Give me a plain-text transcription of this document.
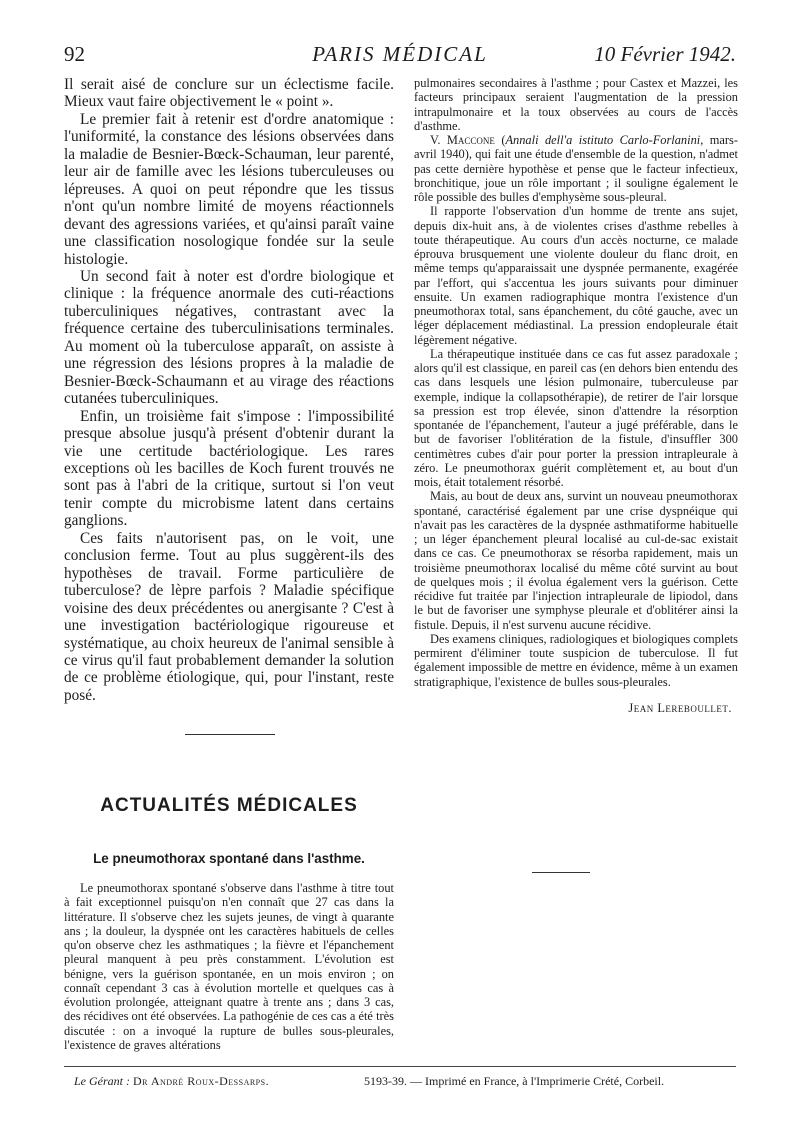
92	PARIS MÉDICAL	10 Février 1942.

Il serait aisé de conclure sur un éclectisme facile. Mieux vaut faire objectivement le « point ».

Le premier fait à retenir est d'ordre anatomique : l'uniformité, la constance des lésions observées dans la maladie de Besnier-Bœck-Schauman, leur parenté, leur air de famille avec les lésions tuberculeuses ou lépreuses. A quoi on peut répondre que les tissus n'ont qu'un nombre limité de moyens réactionnels devant des agressions variées, et qu'ainsi paraît vaine une classification nosologique fondée sur la seule histologie.

Un second fait à noter est d'ordre biologique et clinique : la fréquence anormale des cuti-réactions tuberculiniques négatives, contrastant avec la fréquence certaine des tuberculinisations terminales. Au moment où la tuberculose apparaît, on assiste à une régression des lésions propres à la maladie de Besnier-Bœck-Schaumann et au virage des réactions cutanées tuberculiniques.

Enfin, un troisième fait s'impose : l'impossibilité presque absolue jusqu'à présent d'obtenir durant la vie une certitude bactériologique. Les rares exceptions où les bacilles de Koch furent trouvés ne sont pas à l'abri de la critique, surtout si l'on veut tenir compte du microbisme latent dans certains ganglions.

Ces faits n'autorisent pas, on le voit, une conclusion ferme. Tout au plus suggèrent-ils des hypothèses de travail. Forme particulière de tuberculose? de lèpre parfois ? Maladie spécifique voisine des deux précédentes ou anergisante ? C'est à une investigation bactériologique rigoureuse et systématique, au choix heureux de l'animal sensible à ce virus qu'il faut probablement demander la solution de ce problème étiologique, qui, pour l'instant, reste posé.

ACTUALITÉS MÉDICALES
Le pneumothorax spontané dans l'asthme.

Le pneumothorax spontané s'observe dans l'asthme à titre tout à fait exceptionnel puisqu'on n'en connaît que 27 cas dans la littérature. Il s'observe chez les sujets jeunes, de vingt à quarante ans ; la douleur, la dyspnée ont les caractères habituels de celles qu'on observe chez les asthmatiques ; la fièvre et l'épanchement pleural manquent à peu près constamment. L'évolution est bénigne, vers la guérison spontanée, en un mois environ ; on connaît cependant 3 cas à évolution mortelle et quelques cas à évolution prolongée, atteignant quatre à trente ans ; dans 3 cas, des récidives ont été observées. La pathogénie de ces cas a été très discutée : on a invoqué la rupture de bulles sous-pleurales, l'existence de graves altérations

pulmonaires secondaires à l'asthme ; pour Castex et Mazzei, les facteurs principaux seraient l'augmentation de la pression intrapulmonaire et la toux observées au cours de l'accès d'asthme.

V. Maccone (Annali dell'a istituto Carlo-Forlanini, mars-avril 1940), qui fait une étude d'ensemble de la question, n'admet pas cette dernière hypothèse et pense que le facteur infectieux, bronchitique, joue un rôle important ; il souligne également le rôle possible des bulles d'emphysème sous-pleural.

Il rapporte l'observation d'un homme de trente ans sujet, depuis dix-huit ans, à de violentes crises d'asthme rebelles à toute thérapeutique. Au cours d'un accès nocturne, ce malade éprouva brusquement une violente douleur du flanc droit, en même temps qu'apparaissait une dyspnée permanente, exagérée par l'effort, qui s'accentua les jours suivants pour diminuer ensuite. Un examen radiographique montra l'existence d'un pneumothorax total, sans épanchement, du côté gauche, avec un léger déplacement médiastinal. La pression endopleurale était légèrement négative.

La thérapeutique instituée dans ce cas fut assez paradoxale ; alors qu'il est classique, en pareil cas (en dehors bien entendu des cas dans lesquels une lésion pulmonaire, tuberculeuse par exemple, indique la collapsothérapie), de retirer de l'air lorsque sa pression est trop élevée, sinon d'attendre la résorption spontanée de l'épanchement, l'auteur a jugé préférable, dans le but de favoriser l'oblitération de la fistule, d'insuffler 300 centimètres cubes d'air pour porter la pression intrapleurale à zéro. Le pneumothorax guérit complètement et, au bout d'un mois, était totalement résorbé.

Mais, au bout de deux ans, survint un nouveau pneumothorax spontané, caractérisé également par une crise dyspnéique qui n'avait pas les caractères de la dyspnée asthmatiforme habituelle ; un léger épanchement pleural localisé au cul-de-sac existait dans ce cas. Ce pneumothorax se résorba rapidement, mais un troisième pneumothorax localisé du même côté survint au bout de quelques mois ; il évolua également vers la guérison. Cette récidive fut traitée par l'injection intrapleurale de lipiodol, dans le but de favoriser une symphyse pleurale et d'oblitérer ainsi la fistule. Depuis, il n'est survenu aucune récidive.

Des examens cliniques, radiologiques et biologiques complets permirent d'éliminer toute suspicion de tuberculose. Il fut également impossible de mettre en évidence, même à un examen stratigraphique, l'existence de bulles sous-pleurales.

Jean Lereboullet.
Le Gérant : Dr André Roux-Dessarps.	5193-39. — Imprimé en France, à l'Imprimerie Crété, Corbeil.
